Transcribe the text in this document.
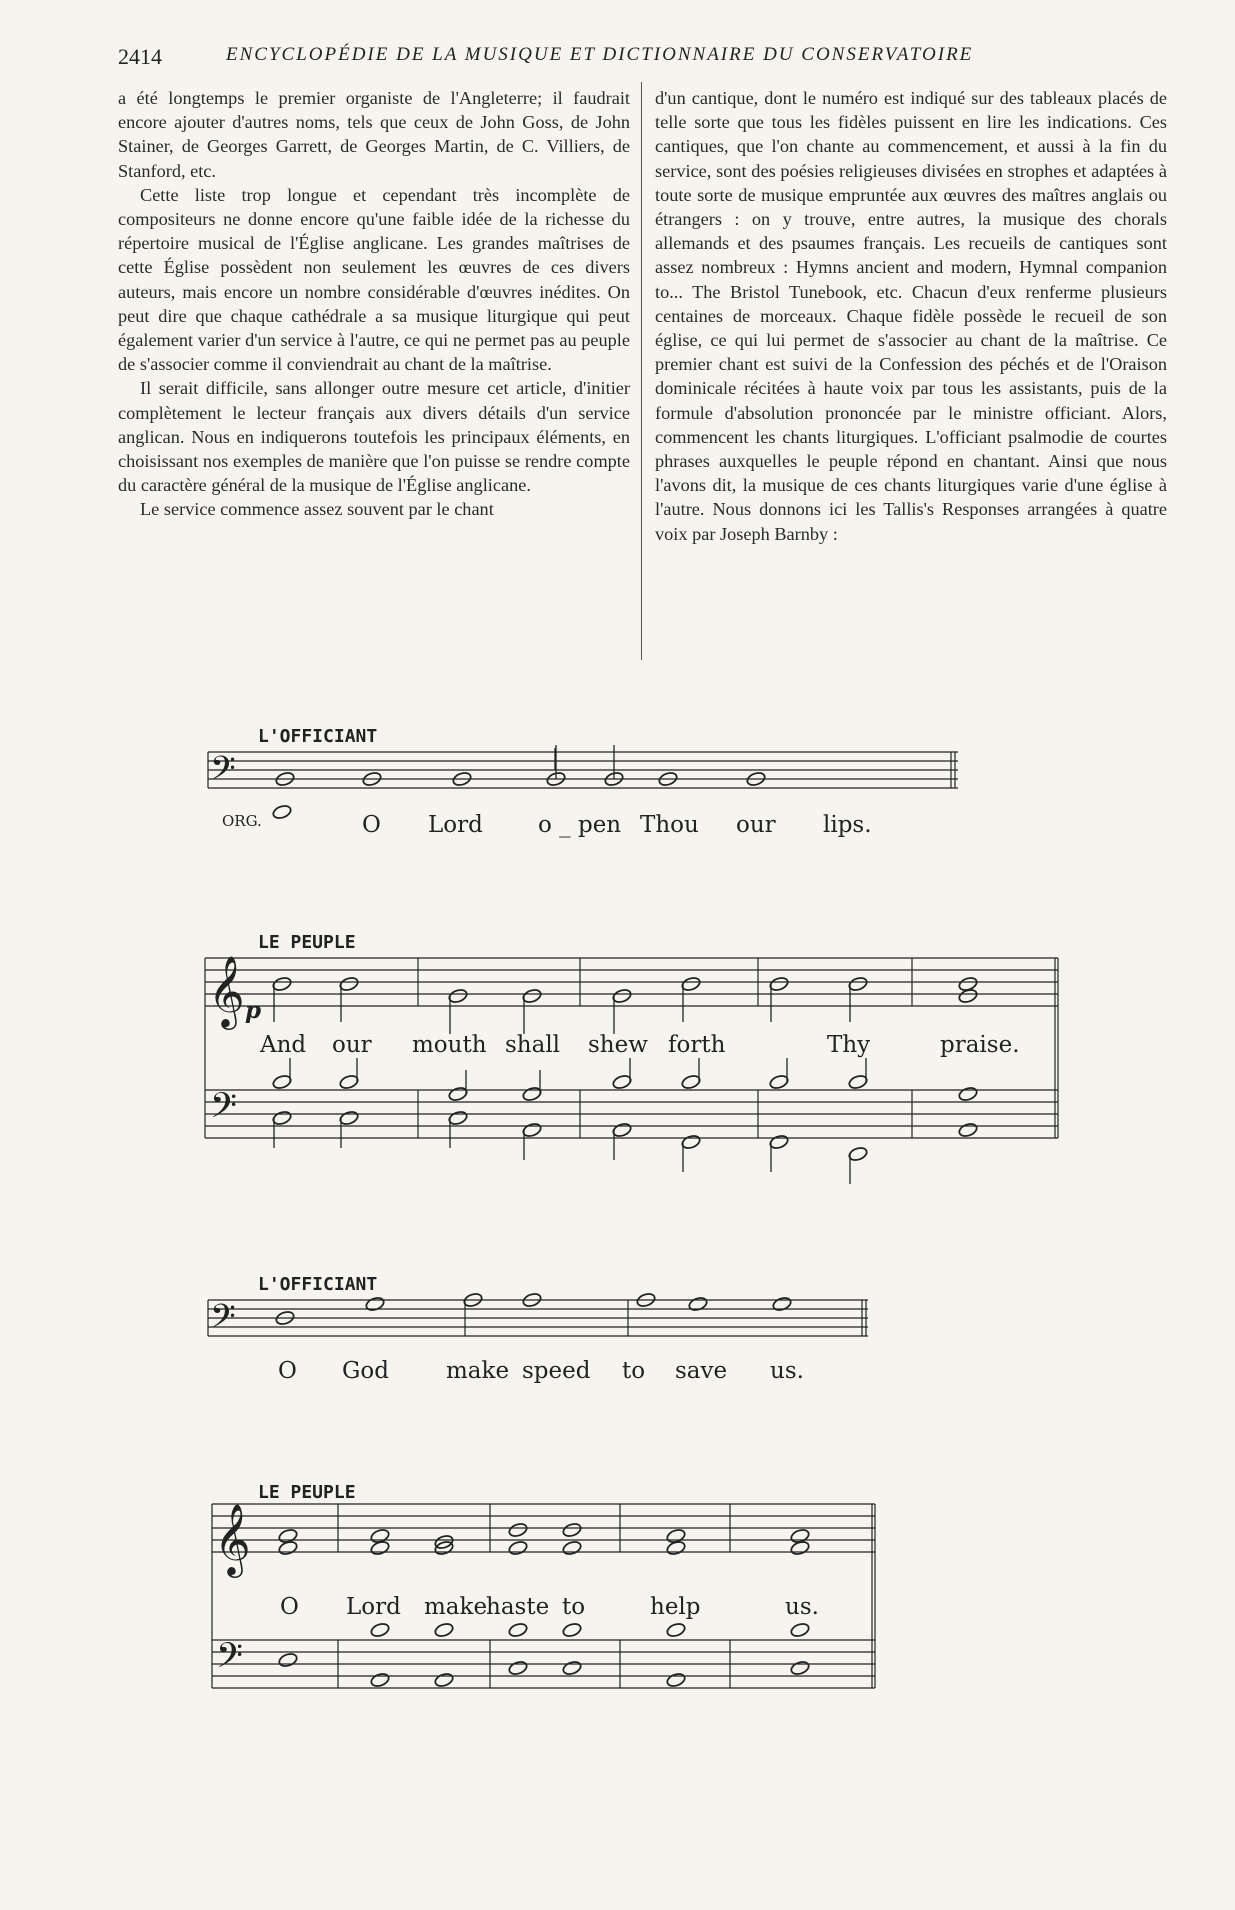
2414	ENCYCLOPÉDIE DE LA MUSIQUE ET DICTIONNAIRE DU CONSERVATOIRE

a été longtemps le premier organiste de l'Angleterre; il faudrait encore ajouter d'autres noms, tels que ceux de John Goss, de John Stainer, de Georges Garrett, de Georges Martin, de C. Villiers, de Stanford, etc.

Cette liste trop longue et cependant très incomplète de compositeurs ne donne encore qu'une faible idée de la richesse du répertoire musical de l'Église anglicane. Les grandes maîtrises de cette Église possèdent non seulement les œuvres de ces divers auteurs, mais encore un nombre considérable d'œuvres inédites. On peut dire que chaque cathédrale a sa musique liturgique qui peut également varier d'un service à l'autre, ce qui ne permet pas au peuple de s'associer comme il conviendrait au chant de la maîtrise.

Il serait difficile, sans allonger outre mesure cet article, d'initier complètement le lecteur français aux divers détails d'un service anglican. Nous en indiquerons toutefois les principaux éléments, en choisissant nos exemples de manière que l'on puisse se rendre compte du caractère général de la musique de l'Église anglicane.

Le service commence assez souvent par le chant

d'un cantique, dont le numéro est indiqué sur des tableaux placés de telle sorte que tous les fidèles puissent en lire les indications. Ces cantiques, que l'on chante au commencement, et aussi à la fin du service, sont des poésies religieuses divisées en strophes et adaptées à toute sorte de musique empruntée aux œuvres des maîtres anglais ou étrangers : on y trouve, entre autres, la musique des chorals allemands et des psaumes français. Les recueils de cantiques sont assez nombreux : Hymns ancient and modern, Hymnal companion to... The Bristol Tunebook, etc. Chacun d'eux renferme plusieurs centaines de morceaux. Chaque fidèle possède le recueil de son église, ce qui lui permet de s'associer au chant de la maîtrise. Ce premier chant est suivi de la Confession des péchés et de l'Oraison dominicale récitées à haute voix par tous les assistants, puis de la formule d'absolution prononcée par le ministre officiant. Alors, commencent les chants liturgiques. L'officiant psalmodie de courtes phrases auxquelles le peuple répond en chantant. Ainsi que nous l'avons dit, la musique de ces chants liturgiques varie d'une église à l'autre. Nous donnons ici les Tallis's Responses arrangées à quatre voix par Joseph Barnby :

𝄢
𝄞
𝄢
𝄢
𝄞
𝄢
L'OFFICIANT
ORG.	O Lord o _ pen Thou our lips.
LE PEUPLE
p
And our mouth shall shew forth	Thy	praise.
L'OFFICIANT
O God make speed to save us.
LE PEUPLE
O Lord make
haste to	help	us.
